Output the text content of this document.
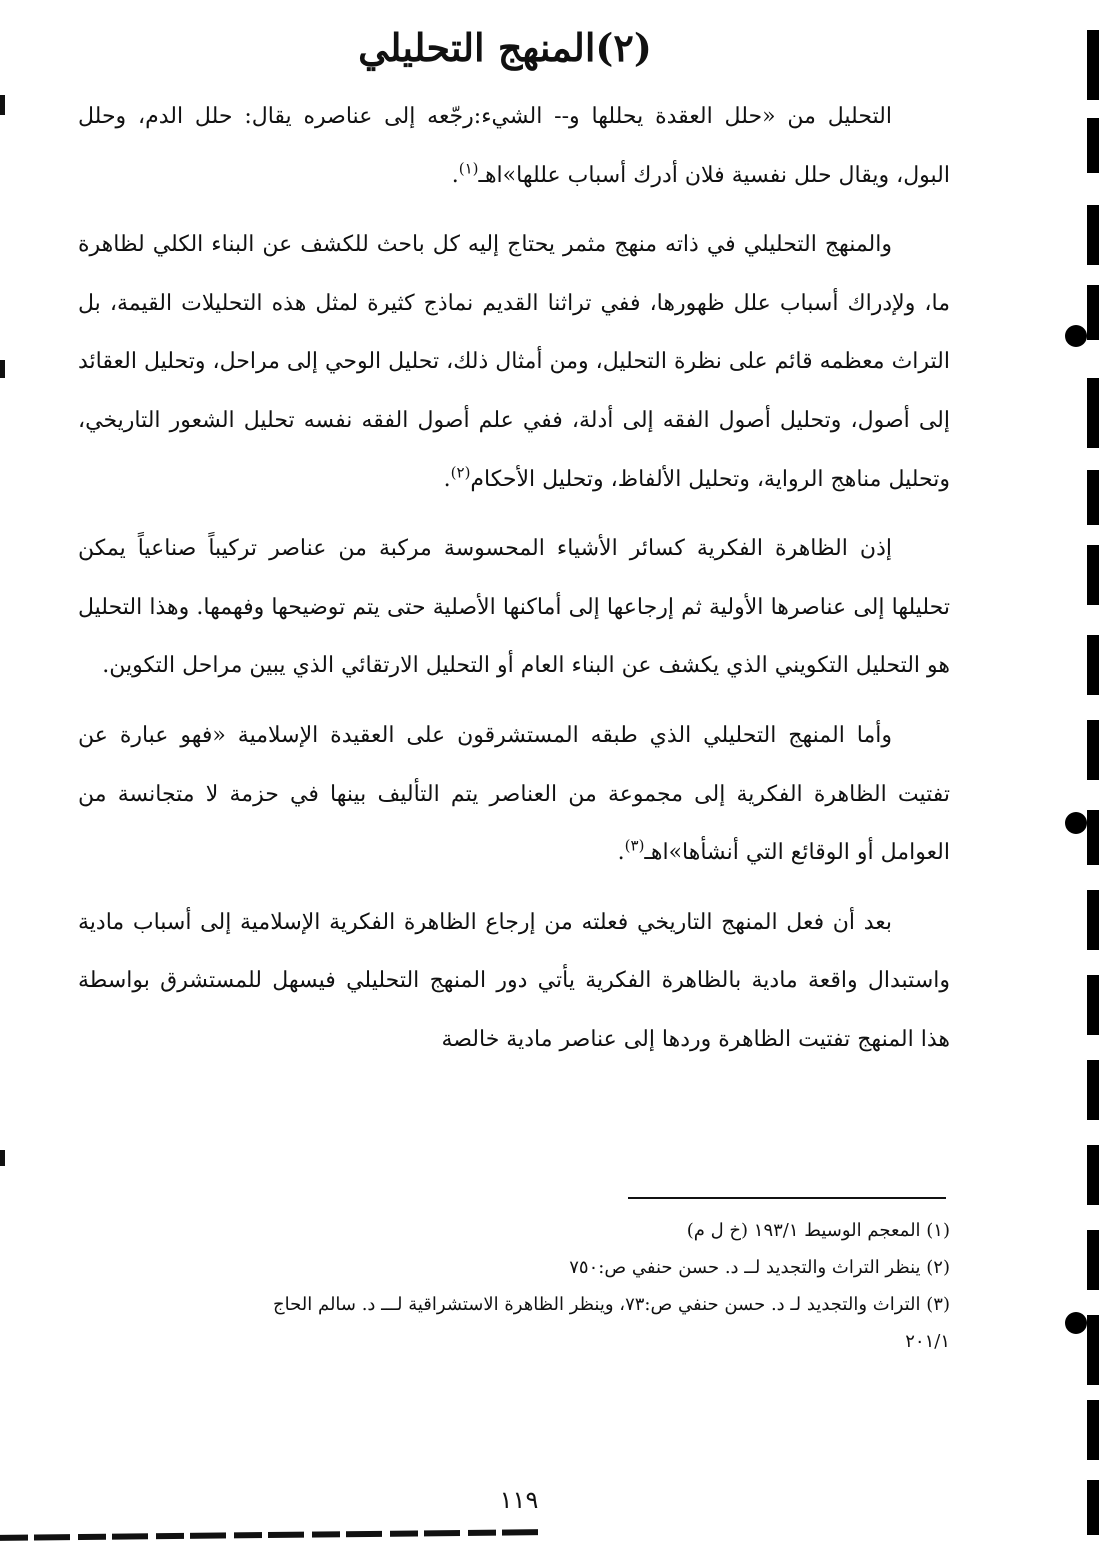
(٢)المنهج التحليلي

التحليل من «حلل العقدة يحللها و-- الشيء:رجّعه إلى عناصره يقال: حلل الدم، وحلل البول، ويقال حلل نفسية فلان أدرك أسباب عللها»اهـ$^{(١)}$.

والمنهج التحليلي في ذاته منهج مثمر يحتاج إليه كل باحث للكشف عن البناء الكلي لظاهرة ما، ولإدراك أسباب علل ظهورها، ففي تراثنا القديم نماذج كثيرة لمثل هذه التحليلات القيمة، بل التراث معظمه قائم على نظرة التحليل، ومن أمثال ذلك، تحليل الوحي إلى مراحل، وتحليل العقائد إلى أصول، وتحليل أصول الفقه إلى أدلة، ففي علم أصول الفقه نفسه تحليل الشعور التاريخي، وتحليل مناهج الرواية، وتحليل الألفاظ، وتحليل الأحكام$^{(٢)}$.

إذن الظاهرة الفكرية كسائر الأشياء المحسوسة مركبة من عناصر تركيباً صناعياً يمكن تحليلها إلى عناصرها الأولية ثم إرجاعها إلى أماكنها الأصلية حتى يتم توضيحها وفهمها. وهذا التحليل هو التحليل التكويني الذي يكشف عن البناء العام أو التحليل الارتقائي الذي يبين مراحل التكوين.

وأما المنهج التحليلي الذي طبقه المستشرقون على العقيدة الإسلامية «فهو عبارة عن تفتيت الظاهرة الفكرية إلى مجموعة من العناصر يتم التأليف بينها في حزمة لا متجانسة من العوامل أو الوقائع التي أنشأها»اهـ$^{(٣)}$.

بعد أن فعل المنهج التاريخي فعلته من إرجاع الظاهرة الفكرية الإسلامية إلى أسباب مادية واستبدال واقعة مادية بالظاهرة الفكرية يأتي دور المنهج التحليلي فيسهل للمستشرق بواسطة هذا المنهج تفتيت الظاهرة وردها إلى عناصر مادية خالصة

(١) المعجم الوسيط ١٩٣/١ (خ ل م)

(٢) ينظر التراث والتجديد لــ د. حسن حنفي ص:٧٥٠

(٣) التراث والتجديد لـ د. حسن حنفي ص:٧٣، وينظر الظاهرة الاستشراقية لـــ د. سالم الحاج

٢٠١/١

١١٩
